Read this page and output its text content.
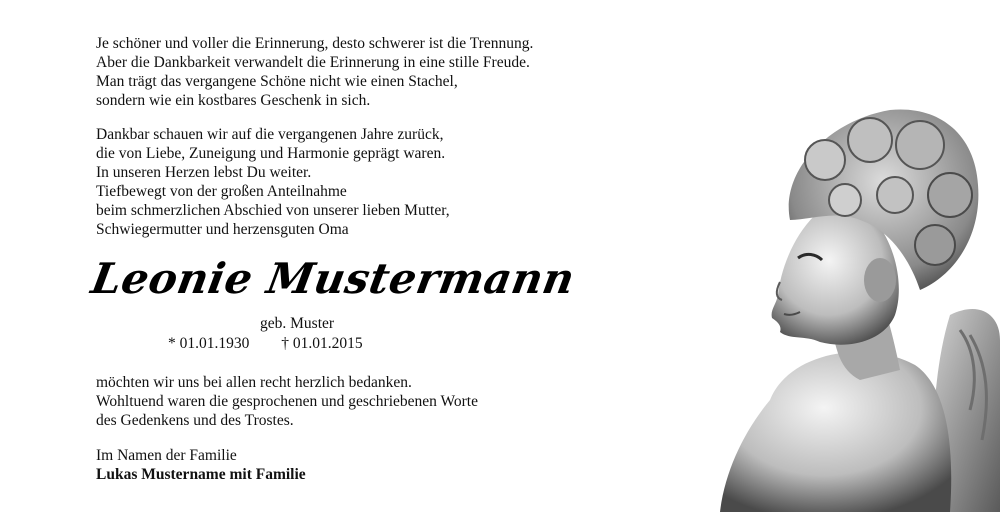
Je schöner und voller die Erinnerung, desto schwerer ist die Trennung.
Aber die Dankbarkeit verwandelt die Erinnerung in eine stille Freude.
Man trägt das vergangene Schöne nicht wie einen Stachel,
sondern wie ein kostbares Geschenk in sich.
Dankbar schauen wir auf die vergangenen Jahre zurück,
die von Liebe, Zuneigung und Harmonie geprägt waren.
In unseren Herzen lebst Du weiter.
Tiefbewegt von der großen Anteilnahme
beim schmerzlichen Abschied von unserer lieben Mutter,
Schwiegermutter und herzensguten Oma
Leonie Mustermann
geb. Muster
* 01.01.1930 † 01.01.2015
möchten wir uns bei allen recht herzlich bedanken.
Wohltuend waren die gesprochenen und geschriebenen Worte
des Gedenkens und des Trostes.
Im Namen der Familie
Lukas Mustername mit Familie
